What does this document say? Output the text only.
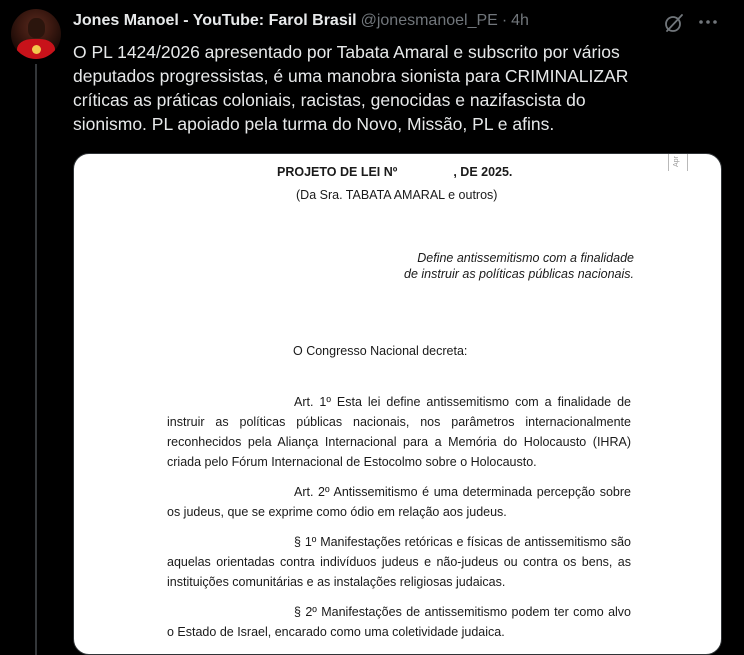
Jones Manoel - YouTube: Farol Brasil @jonesmanoel_PE · 4h
O PL 1424/2026 apresentado por Tabata Amaral e subscrito por vários
deputados progressistas, é uma manobra sionista para CRIMINALIZAR
críticas as práticas coloniais, racistas, genocidas e nazifascista do
sionismo. PL apoiado pela turma do Novo, Missão, PL e afins.
Apr
PROJETO DE LEI Nº	, DE 2025.
(Da Sra. TABATA AMARAL e outros)
Define antissemitismo com a finalidade
de instruir as políticas públicas nacionais.
O Congresso Nacional decreta:
Art. 1º Esta lei define antissemitismo com a finalidade de
instruir as políticas públicas nacionais, nos parâmetros internacionalmente
reconhecidos pela Aliança Internacional para a Memória do Holocausto (IHRA)
criada pelo Fórum Internacional de Estocolmo sobre o Holocausto.
Art. 2º Antissemitismo é uma determinada percepção sobre
os judeus, que se exprime como ódio em relação aos judeus.
§ 1º Manifestações retóricas e físicas de antissemitismo são
aquelas orientadas contra indivíduos judeus e não-judeus ou contra os bens, as
instituições comunitárias e as instalações religiosas judaicas.
§ 2º Manifestações de antissemitismo podem ter como alvo
o Estado de Israel, encarado como uma coletividade judaica.
